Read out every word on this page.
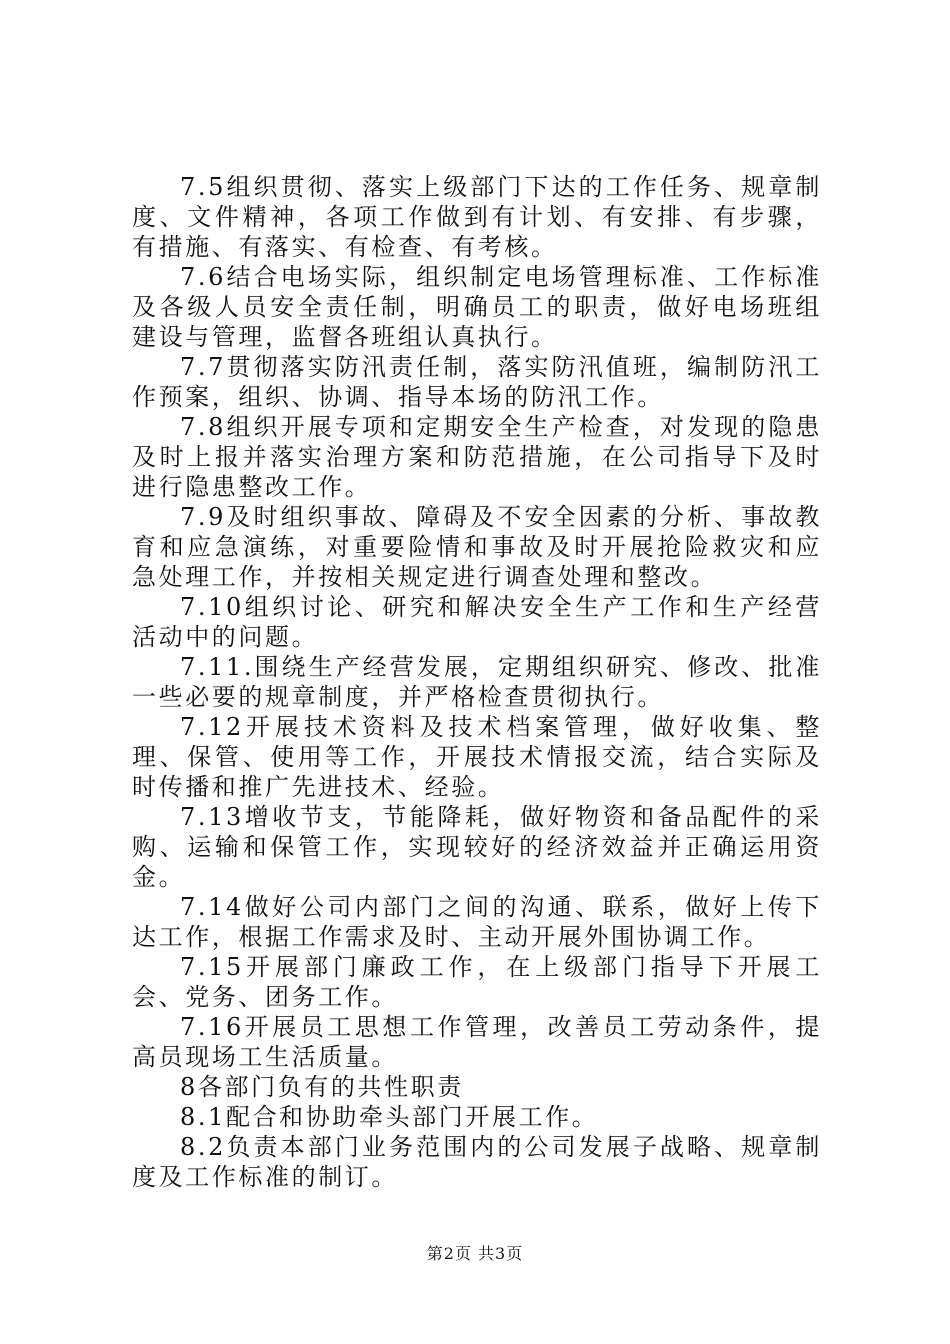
7.5组织贯彻、落实上级部门下达的工作任务、规章制度、文件精神，各项工作做到有计划、有安排、有步骤，有措施、有落实、有检查、有考核。

7.6结合电场实际，组织制定电场管理标准、工作标准及各级人员安全责任制，明确员工的职责，做好电场班组建设与管理，监督各班组认真执行。

7.7贯彻落实防汛责任制，落实防汛值班，编制防汛工作预案，组织、协调、指导本场的防汛工作。

7.8组织开展专项和定期安全生产检查，对发现的隐患及时上报并落实治理方案和防范措施，在公司指导下及时进行隐患整改工作。

7.9及时组织事故、障碍及不安全因素的分析、事故教育和应急演练，对重要险情和事故及时开展抢险救灾和应急处理工作，并按相关规定进行调查处理和整改。

7.10组织讨论、研究和解决安全生产工作和生产经营活动中的问题。

7.11.围绕生产经营发展，定期组织研究、修改、批准一些必要的规章制度，并严格检查贯彻执行。

7.12开展技术资料及技术档案管理，做好收集、整理、保管、使用等工作，开展技术情报交流，结合实际及时传播和推广先进技术、经验。

7.13增收节支，节能降耗，做好物资和备品配件的采购、运输和保管工作，实现较好的经济效益并正确运用资金。

7.14做好公司内部门之间的沟通、联系，做好上传下达工作，根据工作需求及时、主动开展外围协调工作。

7.15开展部门廉政工作，在上级部门指导下开展工会、党务、团务工作。

7.16开展员工思想工作管理，改善员工劳动条件，提高员现场工生活质量。

8各部门负有的共性职责

8.1配合和协助牵头部门开展工作。

8.2负责本部门业务范围内的公司发展子战略、规章制度及工作标准的制订。

第2页 共3页
